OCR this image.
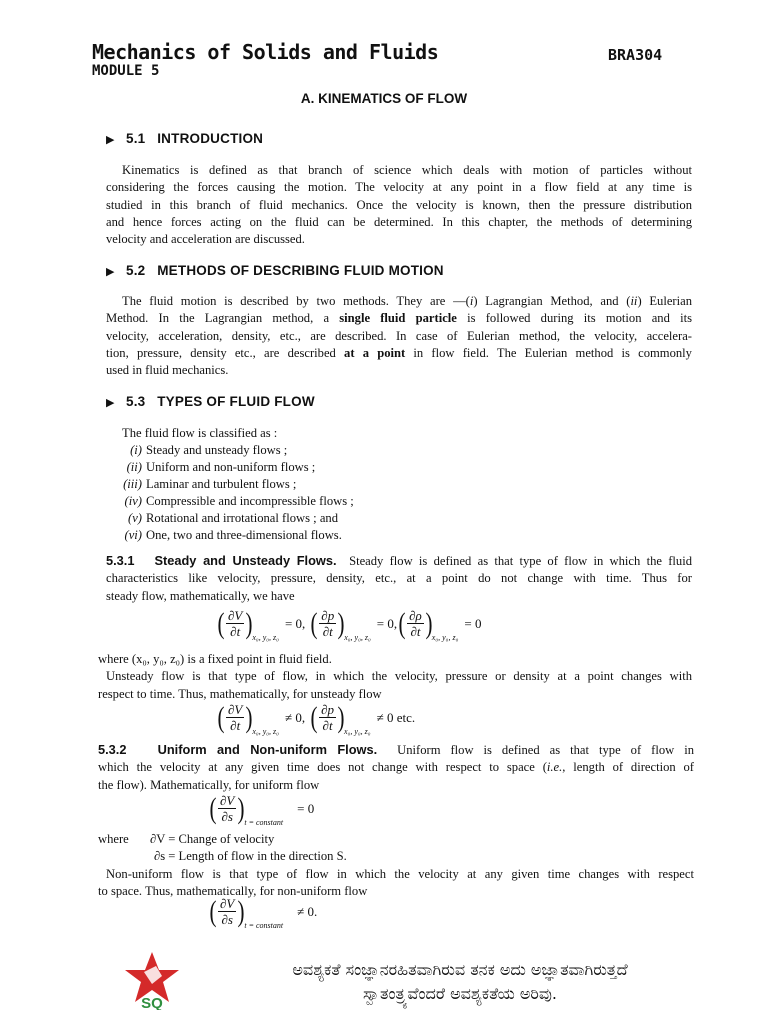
Mechanics of Solids and Fluids
MODULE 5
BRA304
A. KINEMATICS OF FLOW
▶ 5.1   INTRODUCTION
Kinematics is defined as that branch of science which deals with motion of particles without
considering the forces causing the motion. The velocity at any point in a flow field at any time is
studied in this branch of fluid mechanics. Once the velocity is known, then the pressure distribution
and hence forces acting on the fluid can be determined. In this chapter, the methods of determining
velocity and acceleration are discussed.
▶ 5.2   METHODS OF DESCRIBING FLUID MOTION
The fluid motion is described by two methods. They are —(i) Lagrangian Method, and (ii) Eulerian
Method. In the Lagrangian method, a single fluid particle is followed during its motion and its
velocity, acceleration, density, etc., are described. In case of Eulerian method, the velocity, accelera-
tion, pressure, density etc., are described at a point in flow field. The Eulerian method is commonly
used in fluid mechanics.
▶ 5.3   TYPES OF FLUID FLOW
The fluid flow is classified as :
(i) Steady and unsteady flows ;
(ii) Uniform and non-uniform flows ;
(iii) Laminar and turbulent flows ;
(iv) Compressible and incompressible flows ;
(v) Rotational and irrotational flows ; and
(vi) One, two and three-dimensional flows.
5.3.1   Steady and Unsteady Flows.  Steady flow is defined as that type of flow in which the fluid
characteristics like velocity, pressure, density, etc., at a point do not change with time. Thus for
steady flow, mathematically, we have
( $\frac{\partial V}{\partial t} )x_0$, y₀, z₀= 0, ( $\frac{\partial p}{\partial t} )x_0$, y₀, $z_0= 0,( \frac{\partial\rho}{\partial t} )x_0$, y₀, z₀= 0
where (x₀, y₀, z₀) is a fixed point in fluid field.
Unsteady flow is that type of flow, in which the velocity, pressure or density at a point changes with
respect to time. Thus, mathematically, for unsteady flow
( $\frac{\partial V}{\partial t} )x_0$, y₀, z₀≠ 0, ( $\frac{\partial p}{\partial t} )x_0$, y₀, z₀≠ 0 etc.
5.3.2   Uniform and Non-uniform Flows.  Uniform flow is defined as that type of flow in
which the velocity at any given time does not change with respect to space (i.e., length of direction of
the flow). Mathematically, for uniform flow
( $\frac{\partial V}{\partial s} )t$ = constant= 0
where ∂V = Change of velocity
∂s = Length of flow in the direction S.
Non-uniform flow is that type of flow in which the velocity at any given time changes with respect
to space. Thus, mathematically, for non-uniform flow
( $\frac{\partial V}{\partial s} )t$ = constant≠ 0.
SQ
ಅವಶ್ಯಕತೆ ಸಂಜ್ಞಾನರಹಿತವಾಗಿರುವ ತನಕ ಅದು ಅಜ್ಞಾತವಾಗಿರುತ್ತದೆ
ಸ್ವಾತಂತ್ರ್ಯವೆಂದರೆ ಅವಶ್ಯಕತೆಯ ಅರಿವು.
